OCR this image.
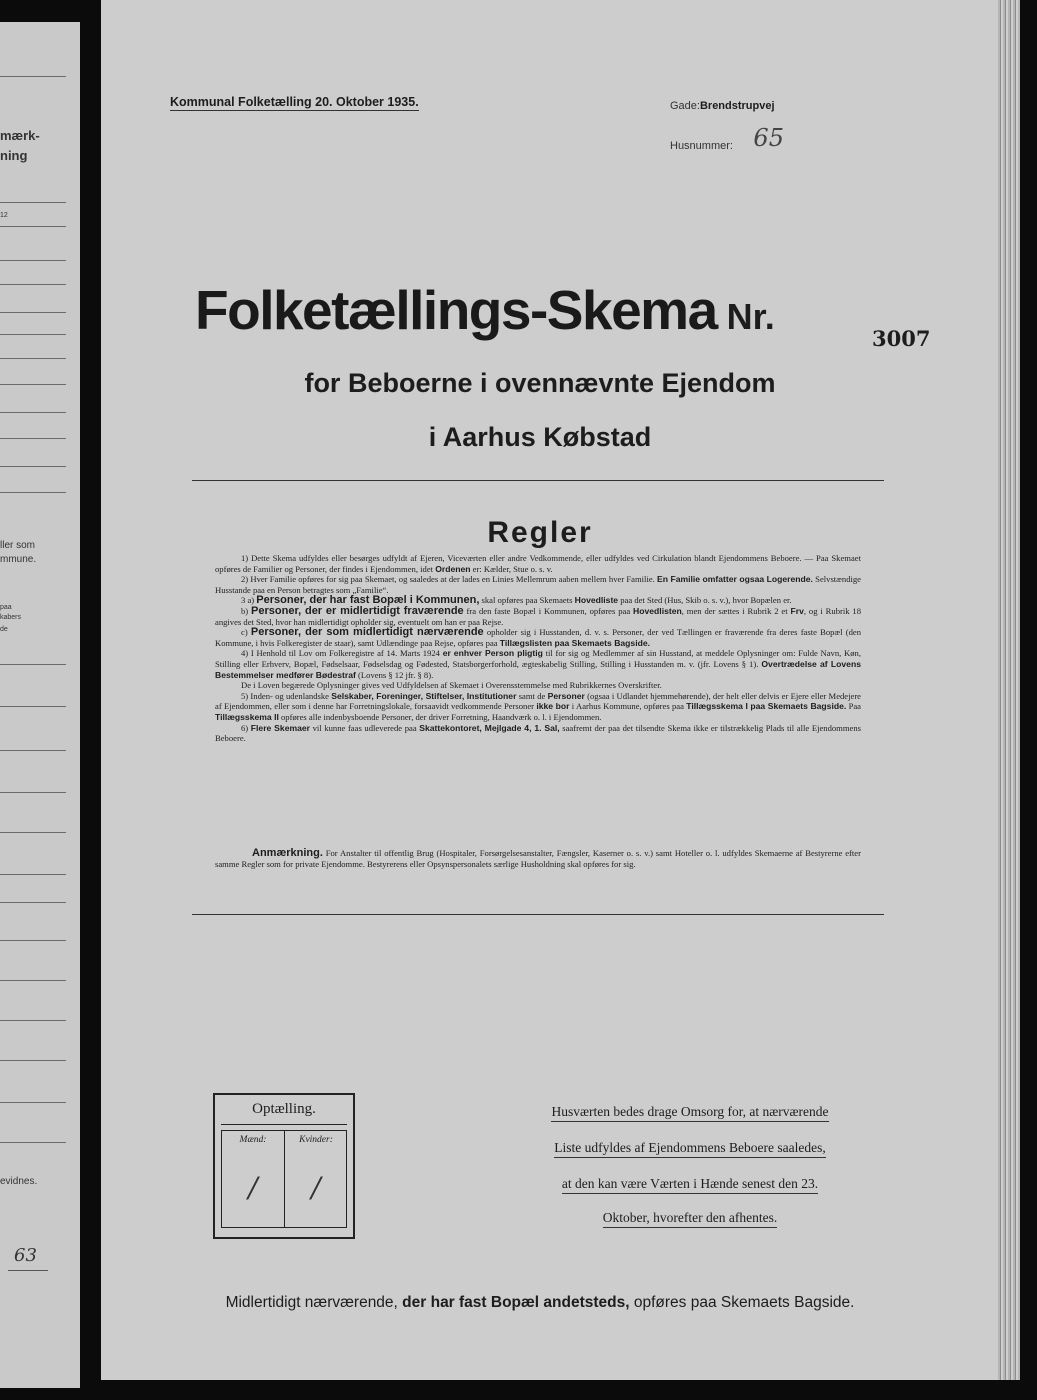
mærk-
ning
12
ller som
mmune.
paa
kabers
de
evidnes.
63
Kommunal Folketælling 20. Oktober 1935.	Gade:Brendstrupvej
Husnummer: 65
Folketællings-Skema Nr.
3007
for Beboerne i ovennævnte Ejendom
i Aarhus Købstad
Regler

1) Dette Skema udfyldes eller besørges udfyldt af Ejeren, Viceværten eller andre Vedkommende, eller udfyldes ved Cirkulation blandt Ejendommens Beboere. — Paa Skemaet opføres de Familier og Personer, der findes i Ejendommen, idet Ordenen er: Kælder, Stue o. s. v.

2) Hver Familie opføres for sig paa Skemaet, og saaledes at der lades en Linies Mellemrum aaben mellem hver Familie. En Familie omfatter ogsaa Logerende. Selvstændige Husstande paa en Person betragtes som „Familie“.

3 a) Personer, der har fast Bopæl i Kommunen, skal opføres paa Skemaets Hovedliste paa det Sted (Hus, Skib o. s. v.), hvor Bopælen er.

b) Personer, der er midlertidigt fraværende fra den faste Bopæl i Kommunen, opføres paa Hovedlisten, men der sættes i Rubrik 2 et Frv, og i Rubrik 18 angives det Sted, hvor han midlertidigt opholder sig, eventuelt om han er paa Rejse.

c) Personer, der som midlertidigt nærværende opholder sig i Husstanden, d. v. s. Personer, der ved Tællingen er fraværende fra deres faste Bopæl (den Kommune, i hvis Folkeregister de staar), samt Udlændinge paa Rejse, opføres paa Tillægslisten paa Skemaets Bagside.

4) I Henhold til Lov om Folkeregistre af 14. Marts 1924 er enhver Person pligtig til for sig og Medlemmer af sin Husstand, at meddele Oplysninger om: Fulde Navn, Køn, Stilling eller Erhverv, Bopæl, Fødselsaar, Fødselsdag og Fødested, Statsborgerforhold, ægteskabelig Stilling, Stilling i Husstanden m. v. (jfr. Lovens § 1). Overtrædelse af Lovens Bestemmelser medfører Bødestraf (Lovens § 12 jfr. § 8).

De i Loven begærede Oplysninger gives ved Udfyldelsen af Skemaet i Overensstemmelse med Rubrikkernes Overskrifter.

5) Inden- og udenlandske Selskaber, Foreninger, Stiftelser, Institutioner samt de Personer (ogsaa i Udlandet hjemmehørende), der helt eller delvis er Ejere eller Medejere af Ejendommen, eller som i denne har Forretningslokale, forsaavidt vedkommende Personer ikke bor i Aarhus Kommune, opføres paa Tillægsskema I paa Skemaets Bagside. Paa Tillægsskema II opføres alle indenbysboende Personer, der driver Forretning, Haandværk o. l. i Ejendommen.

6) Flere Skemaer vil kunne faas udleverede paa Skattekontoret, Mejlgade 4, 1. Sal, saafremt der paa det tilsendte Skema ikke er tilstrækkelig Plads til alle Ejendommens Beboere.

Anmærkning. For Anstalter til offentlig Brug (Hospitaler, Forsørgelsesanstalter, Fængsler, Kaserner o. s. v.) samt Hoteller o. l. udfyldes Skemaerne af Bestyrerne efter samme Regler som for private Ejendomme. Bestyrerens eller Opsynspersonalets særlige Husholdning skal opføres for sig.

Optælling.
Mænd:	Kvinder:
/	/
Husværten bedes drage Omsorg for, at nærværende
Liste udfyldes af Ejendommens Beboere saaledes,
at den kan være Værten i Hænde senest den 23.
Oktober, hvorefter den afhentes.
Midlertidigt nærværende, der har fast Bopæl andetsteds, opføres paa Skemaets Bagside.
